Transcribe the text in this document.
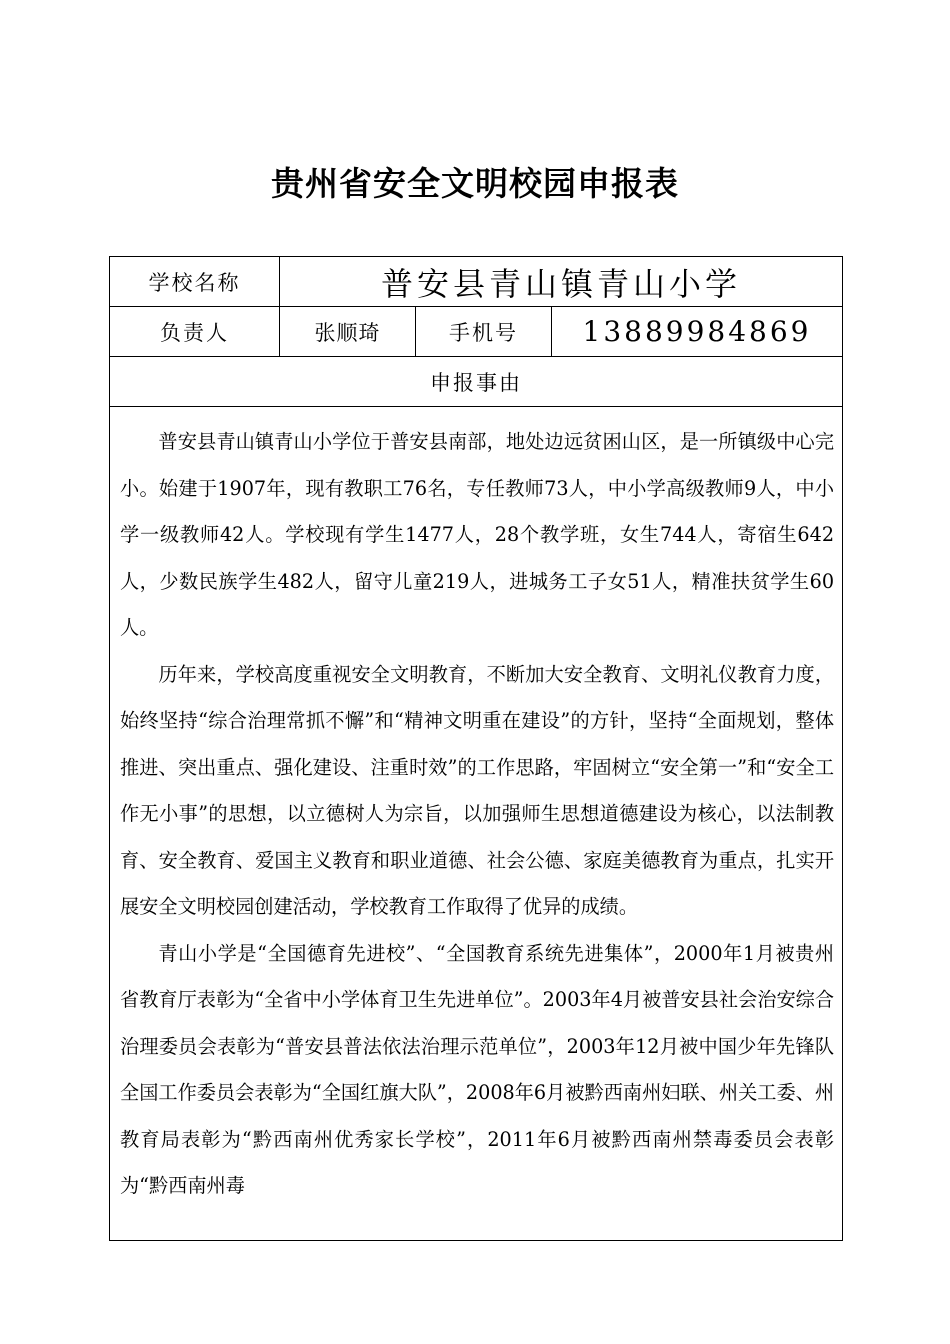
贵州省安全文明校园申报表
学校名称	普安县青山镇青山小学		
负责人	张顺琦	手机号	13889984869
申报事由			

普安县青山镇青山小学位于普安县南部，地处边远贫困山区，是一所镇级中心完小。始建于1907年，现有教职工76名，专任教师73人，中小学高级教师9人，中小学一级教师42人。学校现有学生1477人，28个教学班，女生744人，寄宿生642人，少数民族学生482人，留守儿童219人，进城务工子女51人，精准扶贫学生60人。

历年来，学校高度重视安全文明教育，不断加大安全教育、文明礼仪教育力度，始终坚持“综合治理常抓不懈”和“精神文明重在建设”的方针，坚持“全面规划，整体推进、突出重点、强化建设、注重时效”的工作思路，牢固树立“安全第一”和“安全工作无小事”的思想，以立德树人为宗旨，以加强师生思想道德建设为核心，以法制教育、安全教育、爱国主义教育和职业道德、社会公德、家庭美德教育为重点，扎实开展安全文明校园创建活动，学校教育工作取得了优异的成绩。

青山小学是“全国德育先进校”、“全国教育系统先进集体”，2000年1月被贵州省教育厅表彰为“全省中小学体育卫生先进单位”。2003年4月被普安县社会治安综合治理委员会表彰为“普安县普法依法治理示范单位”，2003年12月被中国少年先锋队全国工作委员会表彰为“全国红旗大队”，2008年6月被黔西南州妇联、州关工委、州教育局表彰为“黔西南州优秀家长学校”，2011年6月被黔西南州禁毒委员会表彰为“黔西南州毒			
